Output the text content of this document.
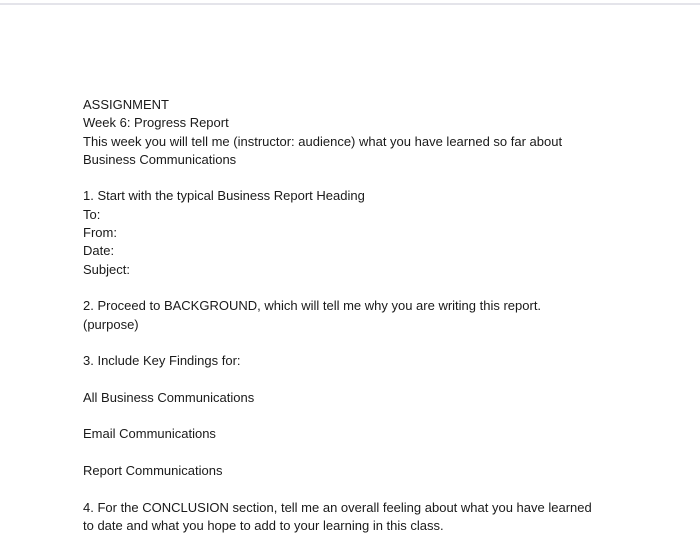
ASSIGNMENT
Week 6: Progress Report
This week you will tell me (instructor: audience) what you have learned so far about
Business Communications
1. Start with the typical Business Report Heading
To:
From:
Date:
Subject:
2. Proceed to BACKGROUND, which will tell me why you are writing this report.
(purpose)
3. Include Key Findings for:
All Business Communications
Email Communications
Report Communications
4. For the CONCLUSION section, tell me an overall feeling about what you have learned
to date and what you hope to add to your learning in this class.
